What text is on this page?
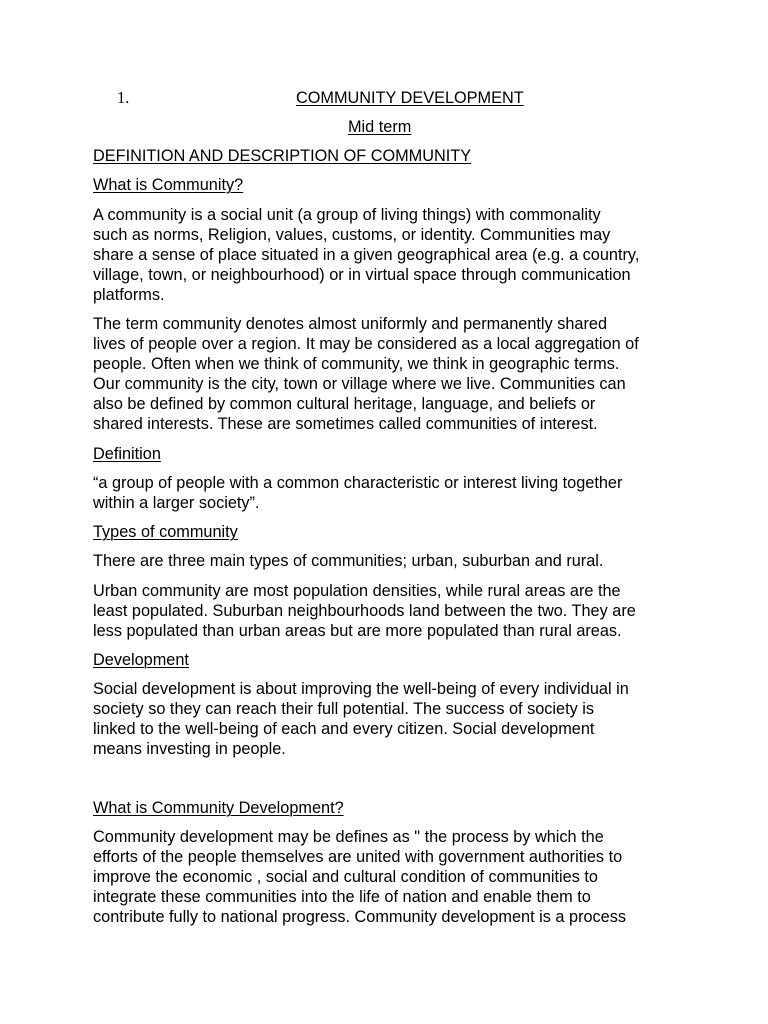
1.	COMMUNITY DEVELOPMENT
Mid term
DEFINITION AND DESCRIPTION OF COMMUNITY
What is Community?
A community is a social unit (a group of living things) with commonality
such as norms, Religion, values, customs, or identity. Communities may
share a sense of place situated in a given geographical area (e.g. a country,
village, town, or neighbourhood) or in virtual space through communication
platforms.
The term community denotes almost uniformly and permanently shared
lives of people over a region. It may be considered as a local aggregation of
people. Often when we think of community, we think in geographic terms.
Our community is the city, town or village where we live. Communities can
also be defined by common cultural heritage, language, and beliefs or
shared interests. These are sometimes called communities of interest.
Definition
“a group of people with a common characteristic or interest living together
within a larger society”.
Types of community
There are three main types of communities; urban, suburban and rural.
Urban community are most population densities, while rural areas are the
least populated. Suburban neighbourhoods land between the two. They are
less populated than urban areas but are more populated than rural areas.
Development
Social development is about improving the well-being of every individual in
society so they can reach their full potential. The success of society is
linked to the well-being of each and every citizen. Social development
means investing in people.
What is Community Development?
Community development may be defines as " the process by which the
efforts of the people themselves are united with government authorities to
improve the economic , social and cultural condition of communities to
integrate these communities into the life of nation and enable them to
contribute fully to national progress. Community development is a process
